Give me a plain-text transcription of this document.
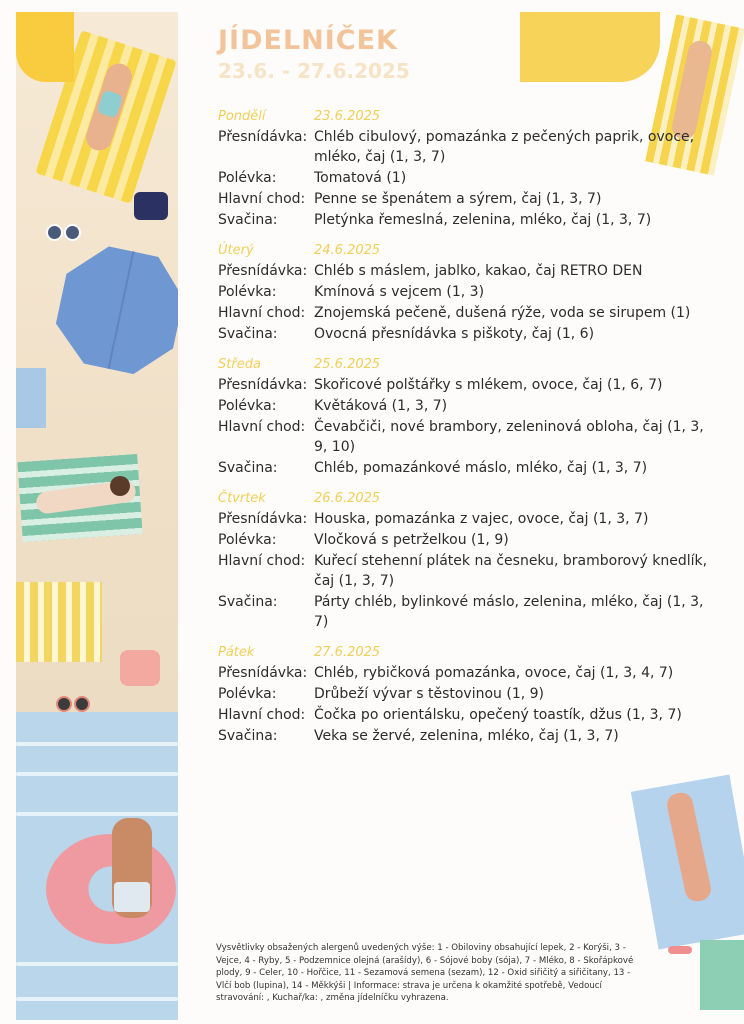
JÍDELNÍČEK
23.6. - 27.6.2025
Pondělí	23.6.2025
Přesnídávka: Chléb cibulový, pomazánka z pečených paprik, ovoce, mléko, čaj (1, 3, 7)
Polévka:	Tomatová (1)
Hlavní chod: Penne se špenátem a sýrem, čaj (1, 3, 7)
Svačina:	Pletýnka řemeslná, zelenina, mléko, čaj (1, 3, 7)
Úterý	24.6.2025
Přesnídávka: Chléb s máslem, jablko, kakao, čaj RETRO DEN
Polévka:	Kmínová s vejcem (1, 3)
Hlavní chod: Znojemská pečeně, dušená rýže, voda se sirupem (1)
Svačina:	Ovocná přesnídávka s piškoty, čaj (1, 6)
Středa	25.6.2025
Přesnídávka: Skořicové polštářky s mlékem, ovoce, čaj (1, 6, 7)
Polévka:	Květáková (1, 3, 7)
Hlavní chod: Čevabčiči, nové brambory, zeleninová obloha, čaj (1, 3, 9, 10)
Svačina:	Chléb, pomazánkové máslo, mléko, čaj (1, 3, 7)
Čtvrtek	26.6.2025
Přesnídávka: Houska, pomazánka z vajec, ovoce, čaj (1, 3, 7)
Polévka:	Vločková s petrželkou (1, 9)
Hlavní chod: Kuřecí stehenní plátek na česneku, bramborový knedlík, čaj (1, 3, 7)
Svačina:	Párty chléb, bylinkové máslo, zelenina, mléko, čaj (1, 3, 7)
Pátek	27.6.2025
Přesnídávka: Chléb, rybičková pomazánka, ovoce, čaj (1, 3, 4, 7)
Polévka:	Drůbeží vývar s těstovinou (1, 9)
Hlavní chod: Čočka po orientálsku, opečený toastík, džus (1, 3, 7)
Svačina:	Veka se žervé, zelenina, mléko, čaj (1, 3, 7)
Vysvětlivky obsažených alergenů uvedených výše: 1 - Obiloviny obsahující lepek, 2 - Korýši, 3 - Vejce, 4 - Ryby, 5 - Podzemnice olejná (arašídy), 6 - Sójové boby (sója), 7 - Mléko, 8 - Skořápkové plody, 9 - Celer, 10 - Hořčice, 11 - Sezamová semena (sezam), 12 - Oxid siřičitý a siřičitany, 13 - Vlčí bob (lupina), 14 - Měkkýši | Informace: strava je určena k okamžité spotřebě, Vedoucí stravování: , Kuchař/ka: , změna jídelníčku vyhrazena.
